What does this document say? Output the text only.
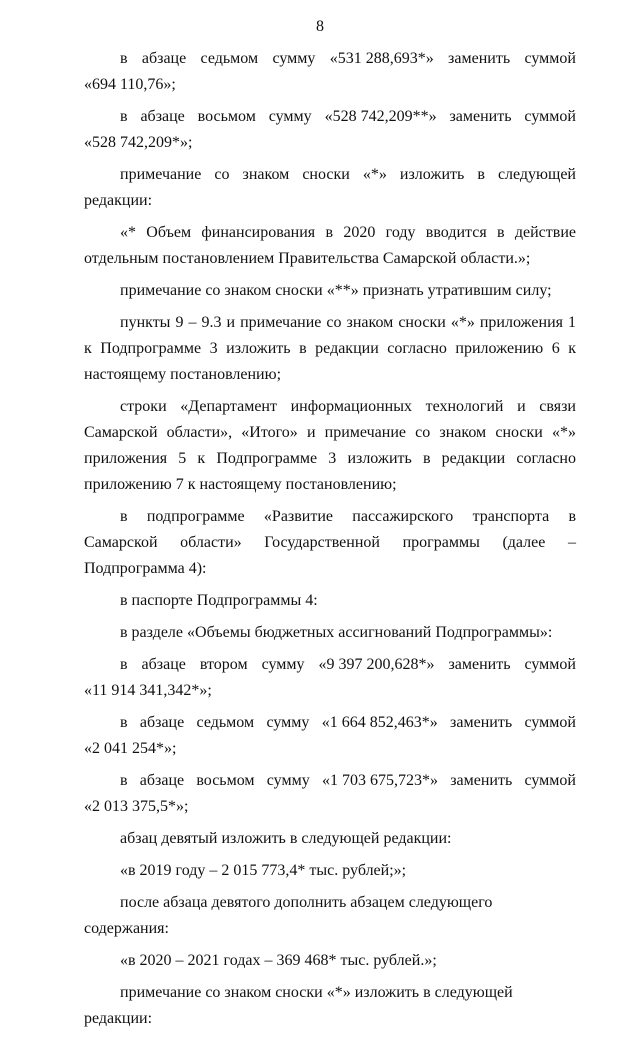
8
в абзаце седьмом сумму «531 288,693*» заменить суммой
«694 110,76»;
в абзаце восьмом сумму «528 742,209**» заменить суммой
«528 742,209*»;

примечание со знаком сноски «*» изложить в следующей редакции:

«* Объем финансирования в 2020 году вводится в действие отдельным постановлением Правительства Самарской области.»;

примечание со знаком сноски «**» признать утратившим силу;

пункты 9 – 9.3 и примечание со знаком сноски «*» приложения 1 к Подпрограмме 3 изложить в редакции согласно приложению 6 к настоящему постановлению;

строки «Департамент информационных технологий и связи Самарской области», «Итого» и примечание со знаком сноски «*» приложения 5 к Подпрограмме 3 изложить в редакции согласно приложению 7 к настоящему постановлению;

в подпрограмме «Развитие пассажирского транспорта в Самарской области» Государственной программы (далее – Подпрограмма 4):

в паспорте Подпрограммы 4:

в разделе «Объемы бюджетных ассигнований Подпрограммы»:

в абзаце втором сумму «9 397 200,628*» заменить суммой
«11 914 341,342*»;
в абзаце седьмом сумму «1 664 852,463*» заменить суммой
«2 041 254*»;
в абзаце восьмом сумму «1 703 675,723*» заменить суммой
«2 013 375,5*»;

абзац девятый изложить в следующей редакции:

«в 2019 году – 2 015 773,4* тыс. рублей;»;

после абзаца девятого дополнить абзацем следующего содержания:

«в 2020 – 2021 годах – 369 468* тыс. рублей.»;

примечание со знаком сноски «*» изложить в следующей редакции:
